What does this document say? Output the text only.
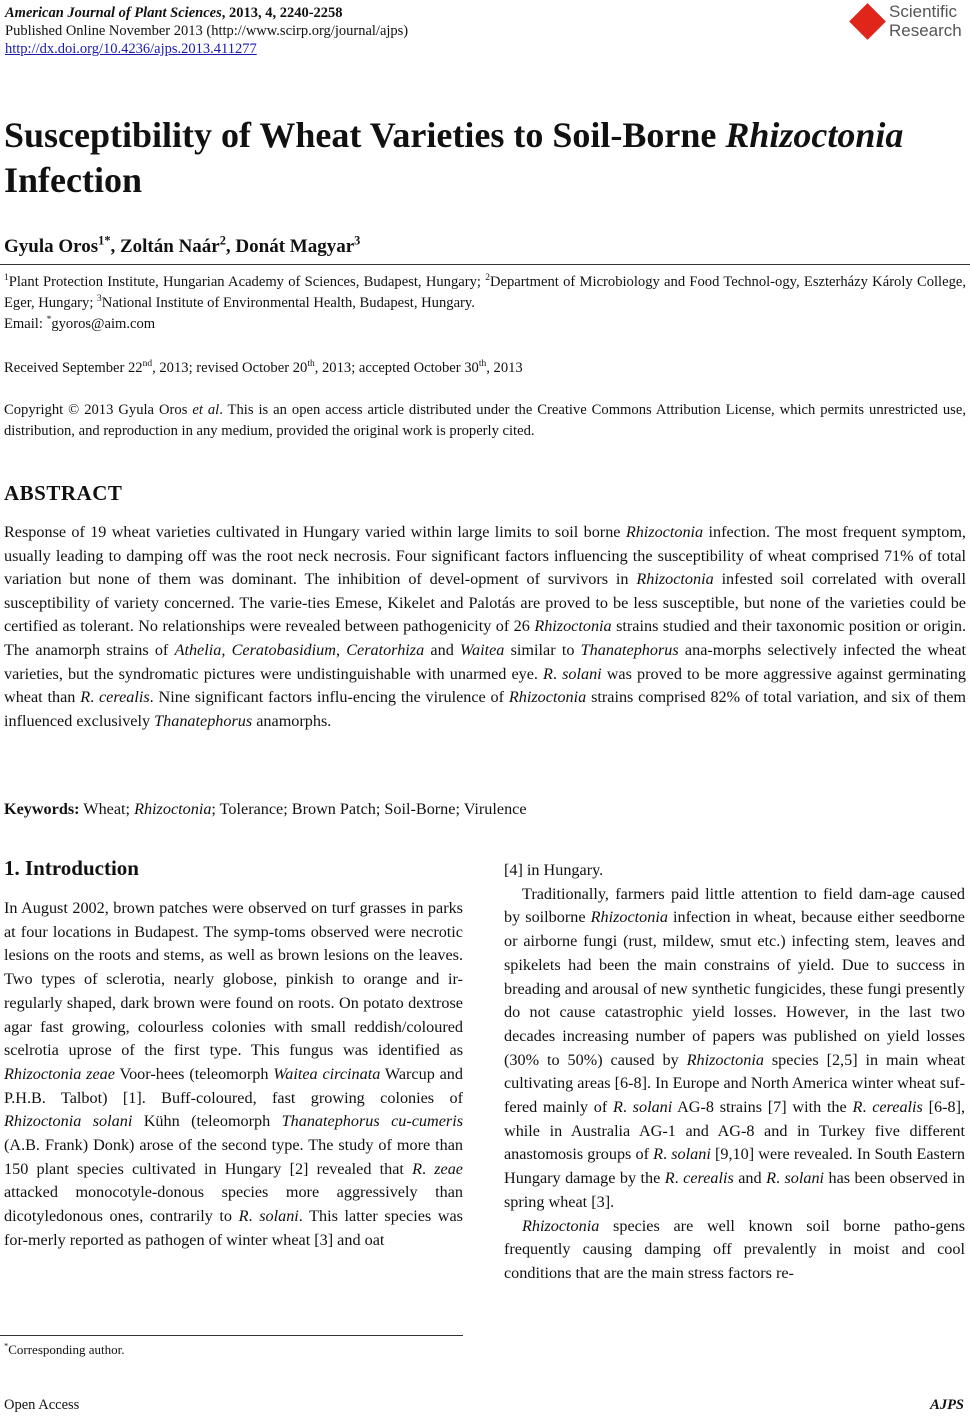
American Journal of Plant Sciences, 2013, 4, 2240-2258
Published Online November 2013 (http://www.scirp.org/journal/ajps)
http://dx.doi.org/10.4236/ajps.2013.411277
Scientific
Research
Susceptibility of Wheat Varieties to Soil-Borne Rhizoctonia
Infection
Gyula Oros$^{1*}$, Zoltán Naár$^2$, Donát Magyar$^3$
$^1$Plant Protection Institute, Hungarian Academy of Sciences, Budapest, Hungary; $^2$Department of Microbiology and Food Technol-ogy, Eszterházy Károly College, Eger, Hungary; $^3$National Institute of Environmental Health, Budapest, Hungary.
Email: *gyoros@aim.com
Received September 22nd, 2013; revised October 20th, 2013; accepted October 30th, 2013
Copyright © 2013 Gyula Oros et al. This is an open access article distributed under the Creative Commons Attribution License, which permits unrestricted use, distribution, and reproduction in any medium, provided the original work is properly cited.
ABSTRACT
Response of 19 wheat varieties cultivated in Hungary varied within large limits to soil borne Rhizoctonia infection. The most frequent symptom, usually leading to damping off was the root neck necrosis. Four significant factors influencing the susceptibility of wheat comprised 71% of total variation but none of them was dominant. The inhibition of devel-opment of survivors in Rhizoctonia infested soil correlated with overall susceptibility of variety concerned. The varie-ties Emese, Kikelet and Palotás are proved to be less susceptible, but none of the varieties could be certified as tolerant. No relationships were revealed between pathogenicity of 26 Rhizoctonia strains studied and their taxonomic position or origin. The anamorph strains of Athelia, Ceratobasidium, Ceratorhiza and Waitea similar to Thanatephorus ana-morphs selectively infected the wheat varieties, but the syndromatic pictures were undistinguishable with unarmed eye. R. solani was proved to be more aggressive against germinating wheat than R. cerealis. Nine significant factors influ-encing the virulence of Rhizoctonia strains comprised 82% of total variation, and six of them influenced exclusively Thanatephorus anamorphs.
Keywords: Wheat; Rhizoctonia; Tolerance; Brown Patch; Soil-Borne; Virulence
1. Introduction

In August 2002, brown patches were observed on turf grasses in parks at four locations in Budapest. The symp-toms observed were necrotic lesions on the roots and stems, as well as brown lesions on the leaves. Two types of sclerotia, nearly globose, pinkish to orange and ir-regularly shaped, dark brown were found on roots. On potato dextrose agar fast growing, colourless colonies with small reddish/coloured scelrotia uprose of the first type. This fungus was identified as Rhizoctonia zeae Voor-hees (teleomorph Waitea circinata Warcup and P.H.B. Talbot) [1]. Buff-coloured, fast growing colonies of Rhizoctonia solani Kühn (teleomorph Thanatephorus cu-cumeris (A.B. Frank) Donk) arose of the second type. The study of more than 150 plant species cultivated in Hungary [2] revealed that R. zeae attacked monocotyle-donous species more aggressively than dicotyledonous ones, contrarily to R. solani. This latter species was for-merly reported as pathogen of winter wheat [3] and oat

[4] in Hungary.

Traditionally, farmers paid little attention to field dam-age caused by soilborne Rhizoctonia infection in wheat, because either seedborne or airborne fungi (rust, mildew, smut etc.) infecting stem, leaves and spikelets had been the main constrains of yield. Due to success in breading and arousal of new synthetic fungicides, these fungi presently do not cause catastrophic yield losses. However, in the last two decades increasing number of papers was published on yield losses (30% to 50%) caused by Rhizoctonia species [2,5] in main wheat cultivating areas [6-8]. In Europe and North America winter wheat suf-fered mainly of R. solani AG-8 strains [7] with the R. cerealis [6-8], while in Australia AG-1 and AG-8 and in Turkey five different anastomosis groups of R. solani [9,10] were revealed. In South Eastern Hungary damage by the R. cerealis and R. solani has been observed in spring wheat [3].

Rhizoctonia species are well known soil borne patho-gens frequently causing damping off prevalently in moist and cool conditions that are the main stress factors re-

*Corresponding author.
Open Access	AJPS
